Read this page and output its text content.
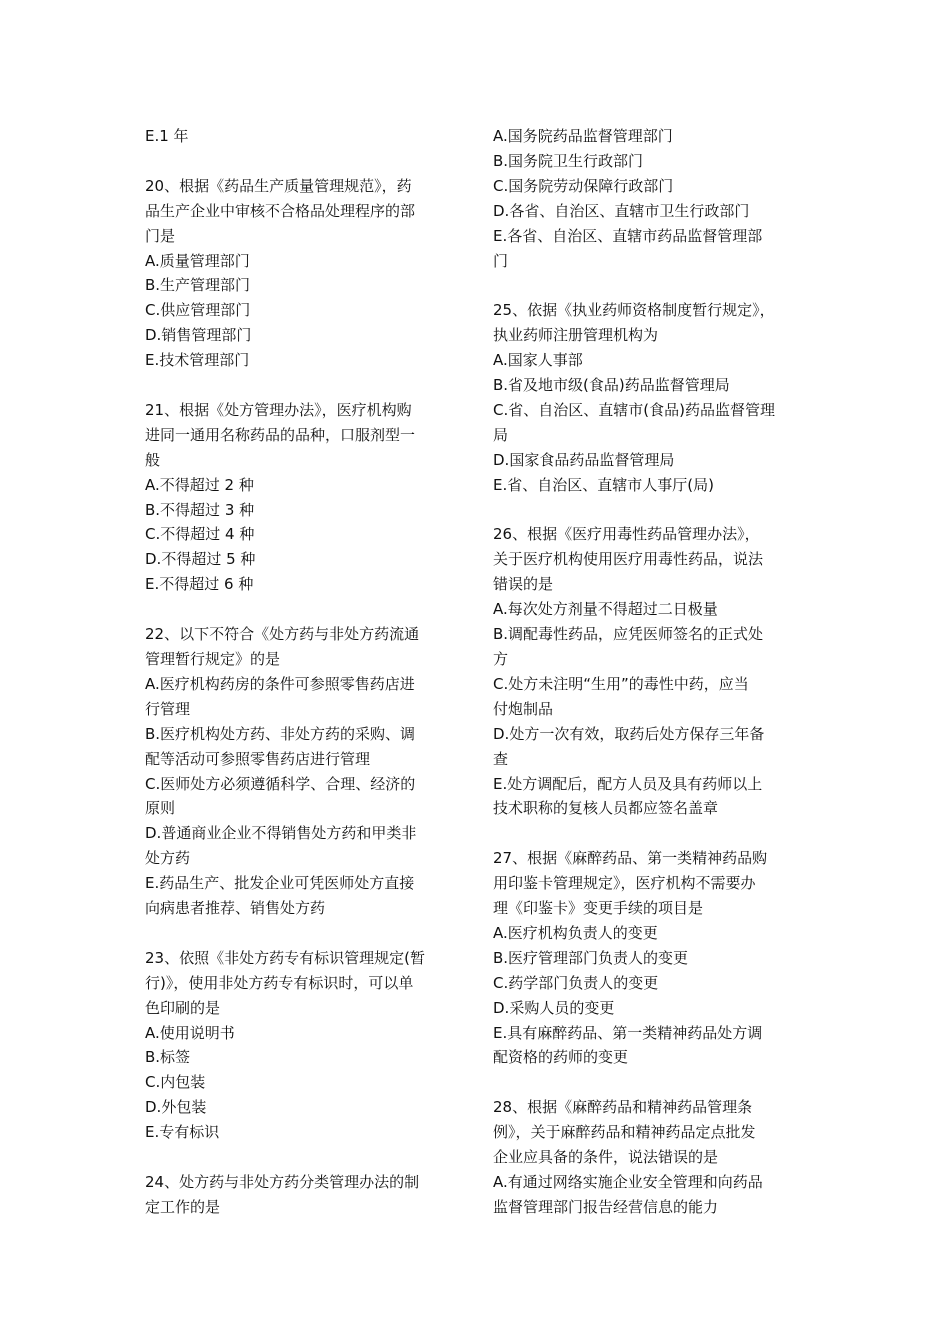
E.1 年
20、根据《药品生产质量管理规范》，药
品生产企业中审核不合格品处理程序的部
门是
A.质量管理部门
B.生产管理部门
C.供应管理部门
D.销售管理部门
E.技术管理部门
21、根据《处方管理办法》，医疗机构购
进同一通用名称药品的品种，口服剂型一
般
A.不得超过 2 种
B.不得超过 3 种
C.不得超过 4 种
D.不得超过 5 种
E.不得超过 6 种
22、以下不符合《处方药与非处方药流通
管理暂行规定》的是
A.医疗机构药房的条件可参照零售药店进
行管理
B.医疗机构处方药、非处方药的采购、调
配等活动可参照零售药店进行管理
C.医师处方必须遵循科学、合理、经济的
原则
D.普通商业企业不得销售处方药和甲类非
处方药
E.药品生产、批发企业可凭医师处方直接
向病患者推荐、销售处方药
23、依照《非处方药专有标识管理规定(暂
行)》，使用非处方药专有标识时，可以单
色印刷的是
A.使用说明书
B.标签
C.内包装
D.外包装
E.专有标识
24、处方药与非处方药分类管理办法的制
定工作的是
A.国务院药品监督管理部门
B.国务院卫生行政部门
C.国务院劳动保障行政部门
D.各省、自治区、直辖市卫生行政部门
E.各省、自治区、直辖市药品监督管理部
门
25、依据《执业药师资格制度暂行规定》，
执业药师注册管理机构为
A.国家人事部
B.省及地市级(食品)药品监督管理局
C.省、自治区、直辖市(食品)药品监督管理
局
D.国家食品药品监督管理局
E.省、自治区、直辖市人事厅(局)
26、根据《医疗用毒性药品管理办法》，
关于医疗机构使用医疗用毒性药品，说法
错误的是
A.每次处方剂量不得超过二日极量
B.调配毒性药品，应凭医师签名的正式处
方
C.处方未注明“生用”的毒性中药，应当
付炮制品
D.处方一次有效，取药后处方保存三年备
查
E.处方调配后，配方人员及具有药师以上
技术职称的复核人员都应签名盖章
27、根据《麻醉药品、第一类精神药品购
用印鉴卡管理规定》，医疗机构不需要办
理《印鉴卡》变更手续的项目是
A.医疗机构负责人的变更
B.医疗管理部门负责人的变更
C.药学部门负责人的变更
D.采购人员的变更
E.具有麻醉药品、第一类精神药品处方调
配资格的药师的变更
28、根据《麻醉药品和精神药品管理条
例》，关于麻醉药品和精神药品定点批发
企业应具备的条件，说法错误的是
A.有通过网络实施企业安全管理和向药品
监督管理部门报告经营信息的能力
